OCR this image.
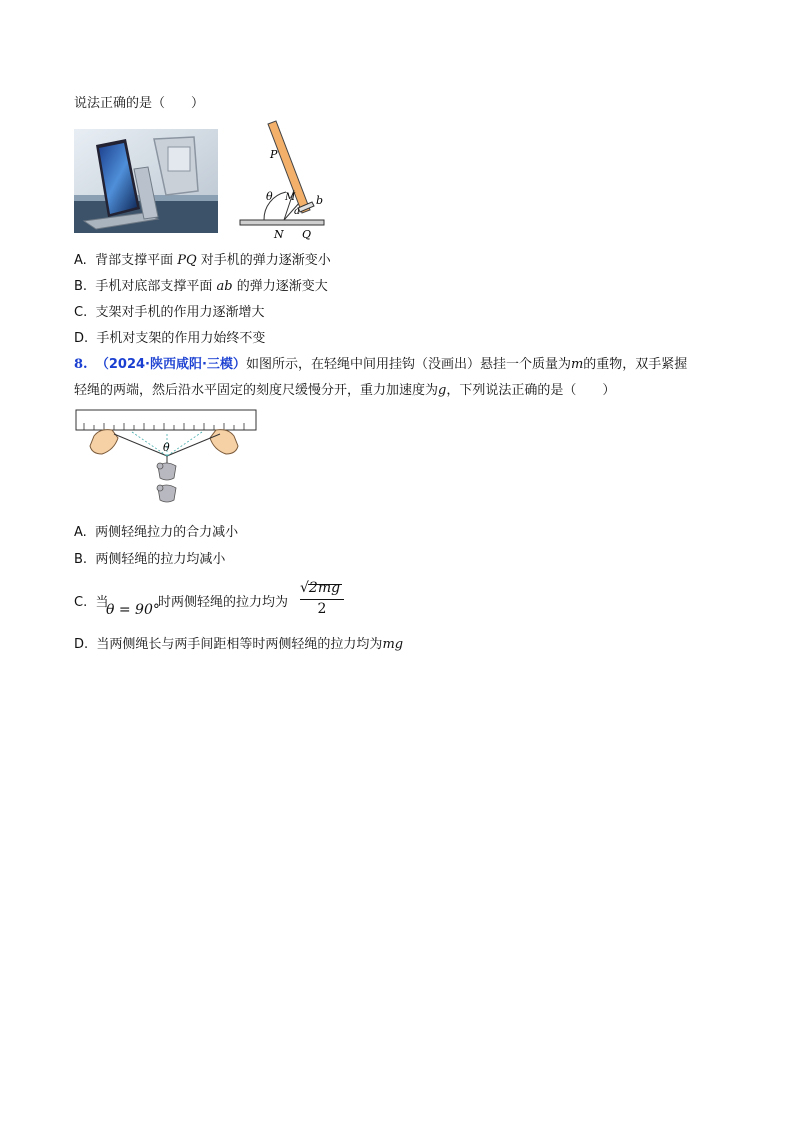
说法正确的是（　　）
P
θ M b
a
N Q
A. 背部支撑平面 PQ 对手机的弹力逐渐变小
B. 手机对底部支撑平面 ab 的弹力逐渐变大
C. 支架对手机的作用力逐渐增大
D. 手机对支架的作用力始终不变
8. （2024·陕西咸阳·三模）如图所示，在轻绳中间用挂钩（没画出）悬挂一个质量为m的重物，双手紧握
轻绳的两端，然后沿水平固定的刻度尺缓慢分开，重力加速度为g，下列说法正确的是（　　）
θ
A. 两侧轻绳拉力的合力减小
B. 两侧轻绳的拉力均减小
C. 当
θ = 90°
时两侧轻绳的拉力均为
√2mg
2
D. 当两侧绳长与两手间距相等时两侧轻绳的拉力均为mg
